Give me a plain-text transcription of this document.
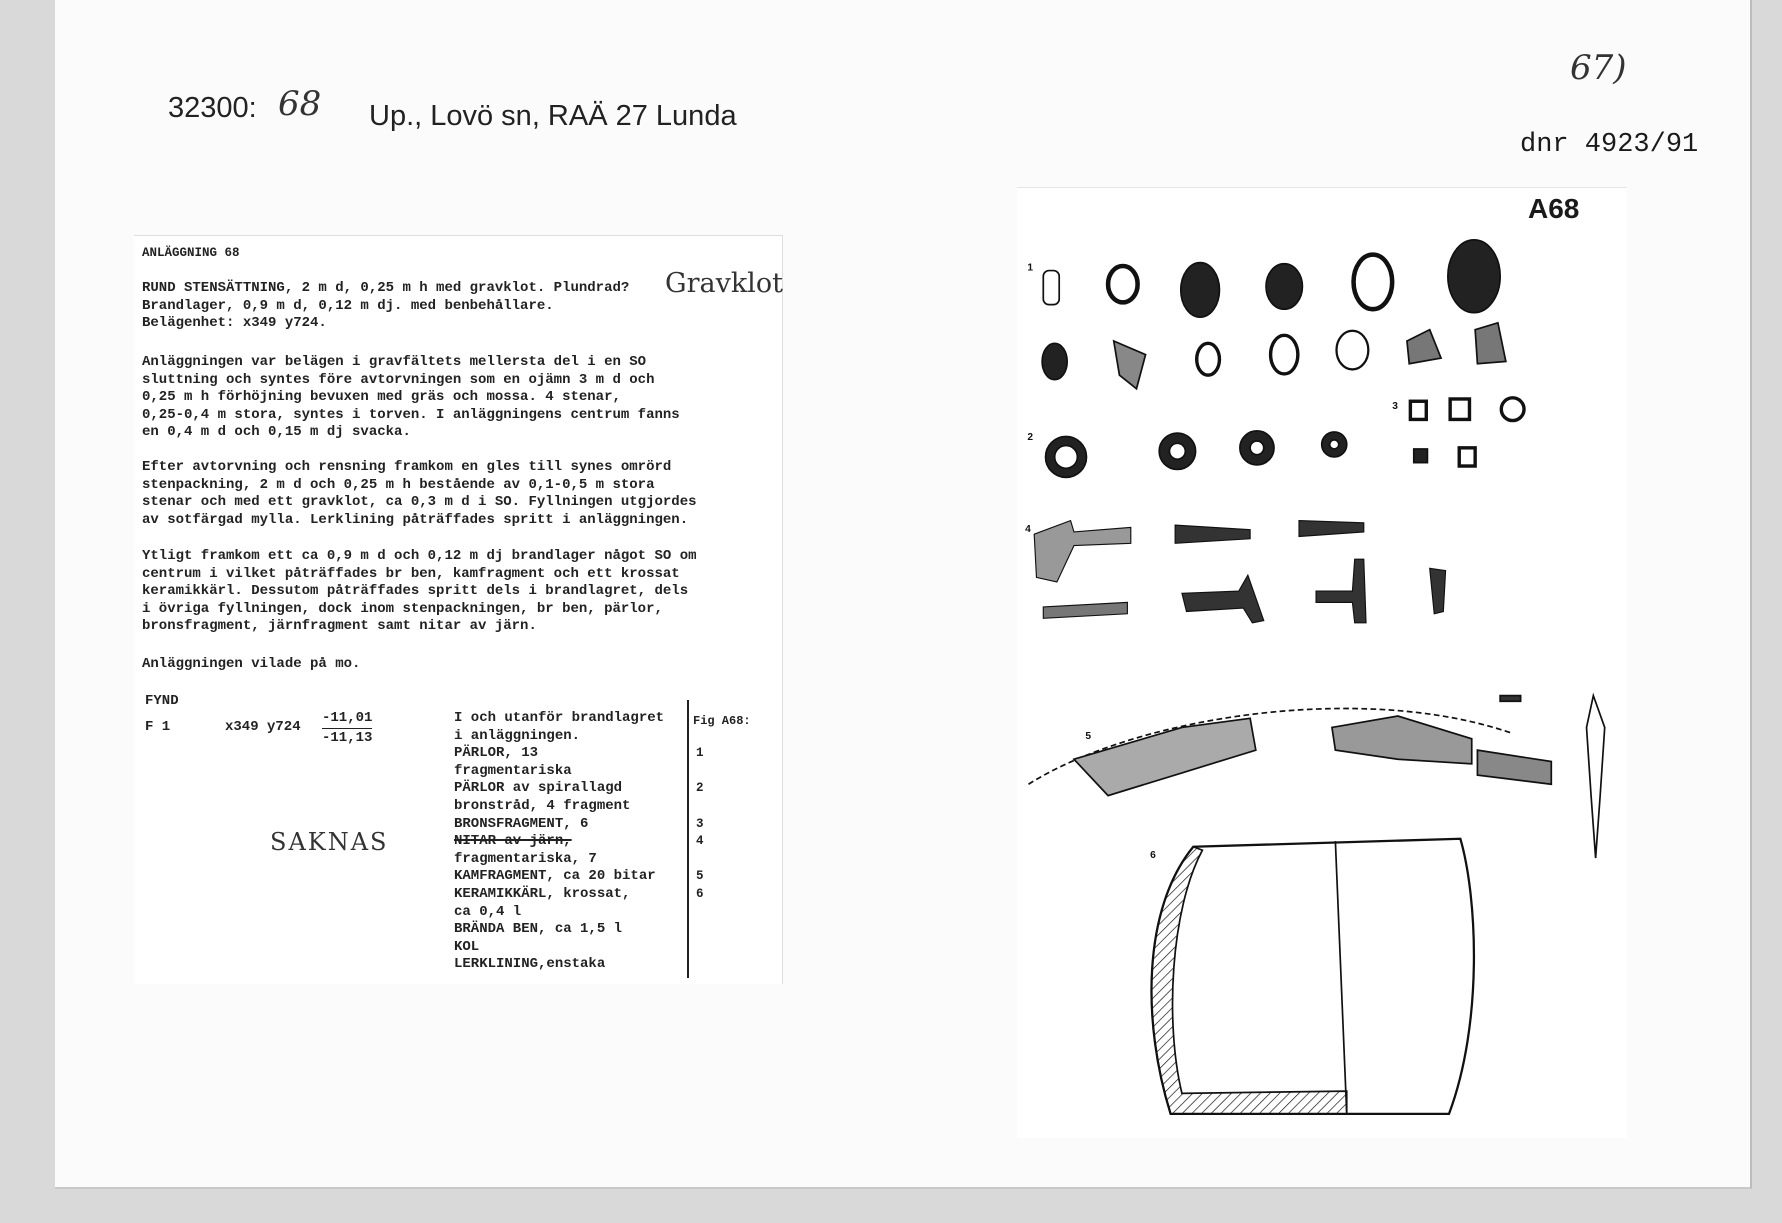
32300: 68 Up., Lovö sn, RAÄ 27 Lunda
67)
dnr 4923/91
ANLÄGGNING 68
Gravklot
RUND STENSÄTTNING, 2 m d, 0,25 m h med gravklot. Plundrad?
Brandlager, 0,9 m d, 0,12 m dj. med benbehållare.
Belägenhet: x349 y724.
Anläggningen var belägen i gravfältets mellersta del i en SO
sluttning och syntes före avtorvningen som en ojämn 3 m d och
0,25 m h förhöjning bevuxen med gräs och mossa. 4 stenar,
0,25-0,4 m stora, syntes i torven. I anläggningens centrum fanns
en 0,4 m d och 0,15 m dj svacka.
Efter avtorvning och rensning framkom en gles till synes omrörd
stenpackning, 2 m d och 0,25 m h bestående av 0,1-0,5 m stora
stenar och med ett gravklot, ca 0,3 m d i SO. Fyllningen utgjordes
av sotfärgad mylla. Lerklining påträffades spritt i anläggningen.
Ytligt framkom ett ca 0,9 m d och 0,12 m dj brandlager något SO om
centrum i vilket påträffades br ben, kamfragment och ett krossat
keramikkärl. Dessutom påträffades spritt dels i brandlagret, dels
i övriga fyllningen, dock inom stenpackningen, br ben, pärlor,
bronsfragment, järnfragment samt nitar av järn.
Anläggningen vilade på mo.
FYND
F 1	x349 y724
-11,01
-11,13
SAKNAS
Fig A68:
I och utanför brandlagret
i anläggningen.
PÄRLOR, 13
fragmentariska
PÄRLOR av spirallagd
bronstråd, 4 fragment
BRONSFRAGMENT, 6
NITAR av järn,
fragmentariska, 7
KAMFRAGMENT, ca 20 bitar
KERAMIKKÄRL, krossat,
ca 0,4 l
BRÄNDA BEN, ca 1,5 l
KOL
LERKLINING,enstaka
1
2
3
4
5
6
A68
1
2
3
4
5
6
